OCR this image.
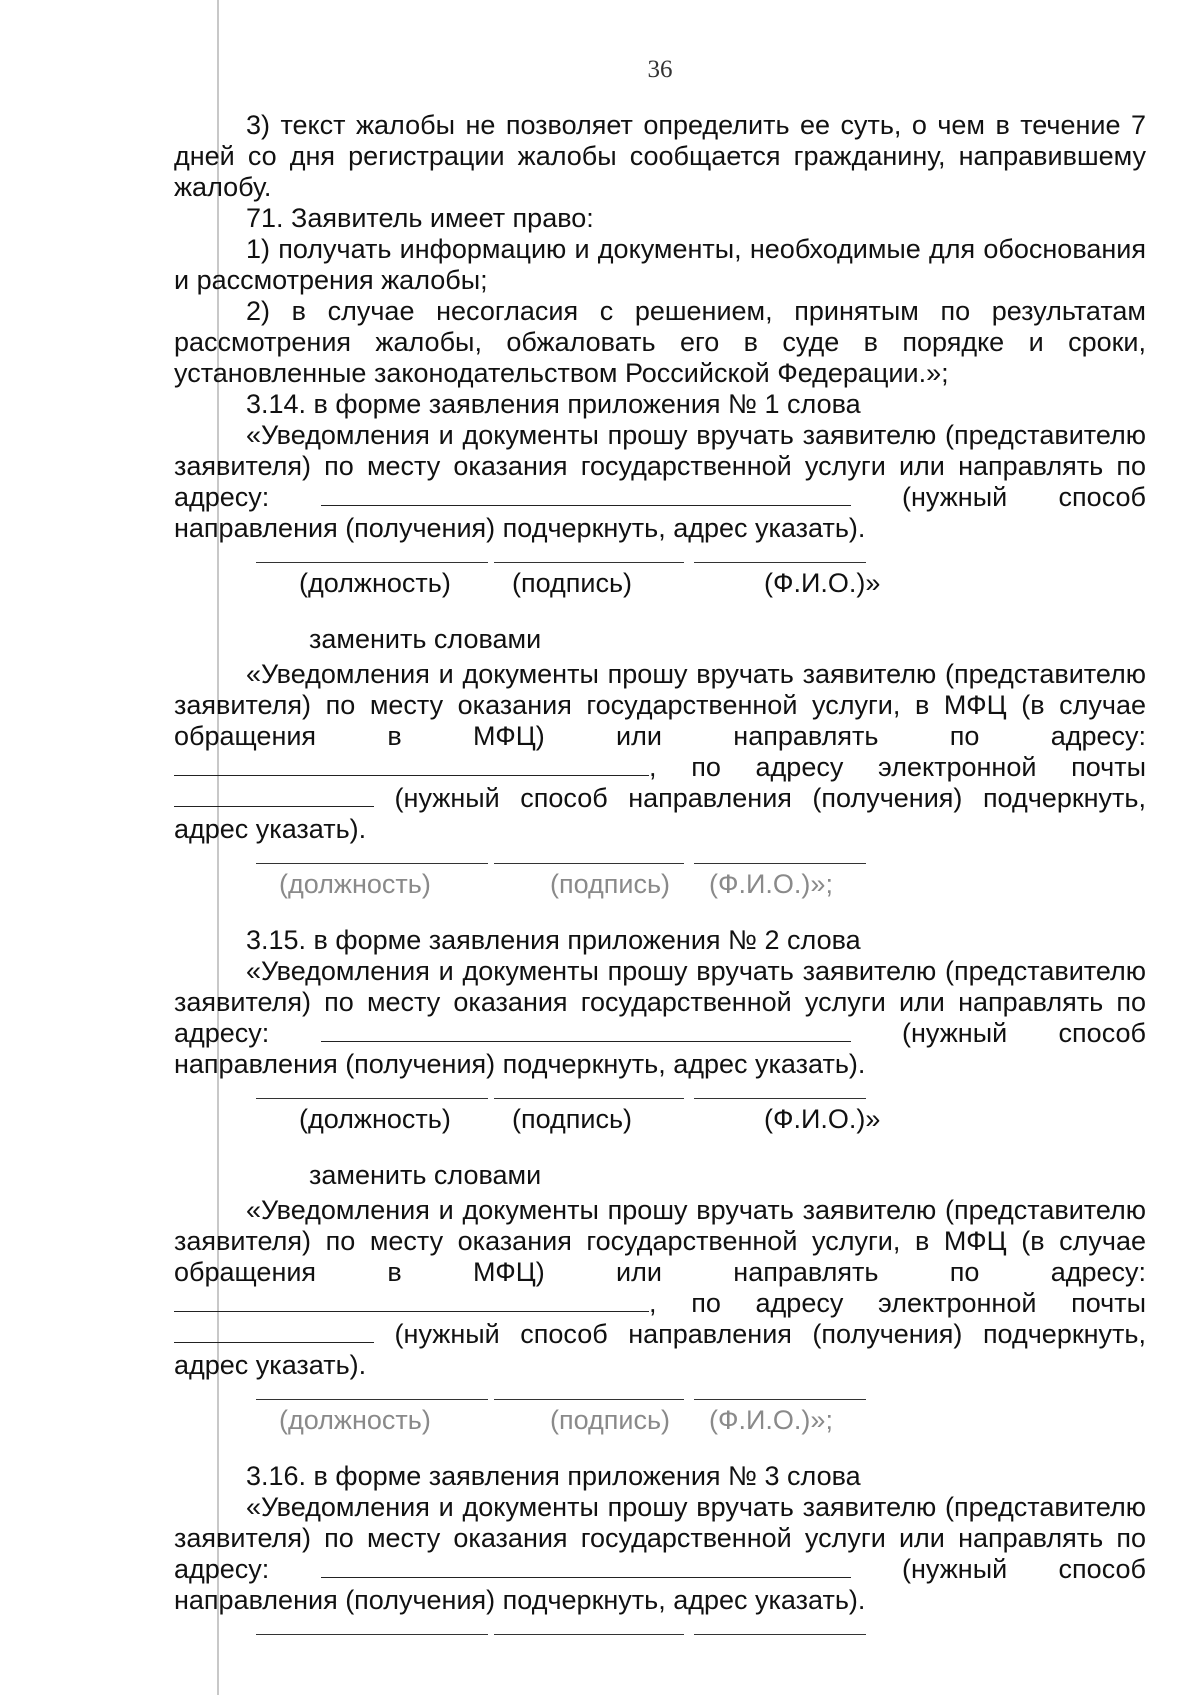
36

3) текст жалобы не позволяет определить ее суть, о чем в течение 7 дней со дня регистрации жалобы сообщается гражданину, направившему жалобу.

71. Заявитель имеет право:

1) получать информацию и документы, необходимые для обоснования и рассмотрения жалобы;

2) в случае несогласия с решением, принятым по результатам рассмотрения жалобы, обжаловать его в суде в порядке и сроки, установленные законодательством Российской Федерации.»;

3.14. в форме заявления приложения № 1 слова

«Уведомления и документы прошу вручать заявителю (представителю заявителя) по месту оказания государственной услуги или направлять по адресу:	(нужный способ направления (получения) подчеркнуть, адрес указать).

(должность) (подпись)	(Ф.И.О.)»

заменить словами

«Уведомления и документы прошу вручать заявителю (представителю заявителя) по месту оказания государственной услуги, в МФЦ (в случае обращения в МФЦ) или направлять по адресу: , по адресу электронной почты  (нужный способ направления (получения) подчеркнуть, адрес указать).

(должность)	(подпись) (Ф.И.О.)»;

3.15. в форме заявления приложения № 2 слова

«Уведомления и документы прошу вручать заявителю (представителю заявителя) по месту оказания государственной услуги или направлять по адресу:	(нужный способ направления (получения) подчеркнуть, адрес указать).

(должность) (подпись)	(Ф.И.О.)»

заменить словами

«Уведомления и документы прошу вручать заявителю (представителю заявителя) по месту оказания государственной услуги, в МФЦ (в случае обращения в МФЦ) или направлять по адресу: , по адресу электронной почты  (нужный способ направления (получения) подчеркнуть, адрес указать).

(должность)	(подпись) (Ф.И.О.)»;

3.16. в форме заявления приложения № 3 слова

«Уведомления и документы прошу вручать заявителю (представителю заявителя) по месту оказания государственной услуги или направлять по адресу:	(нужный способ направления (получения) подчеркнуть, адрес указать).
